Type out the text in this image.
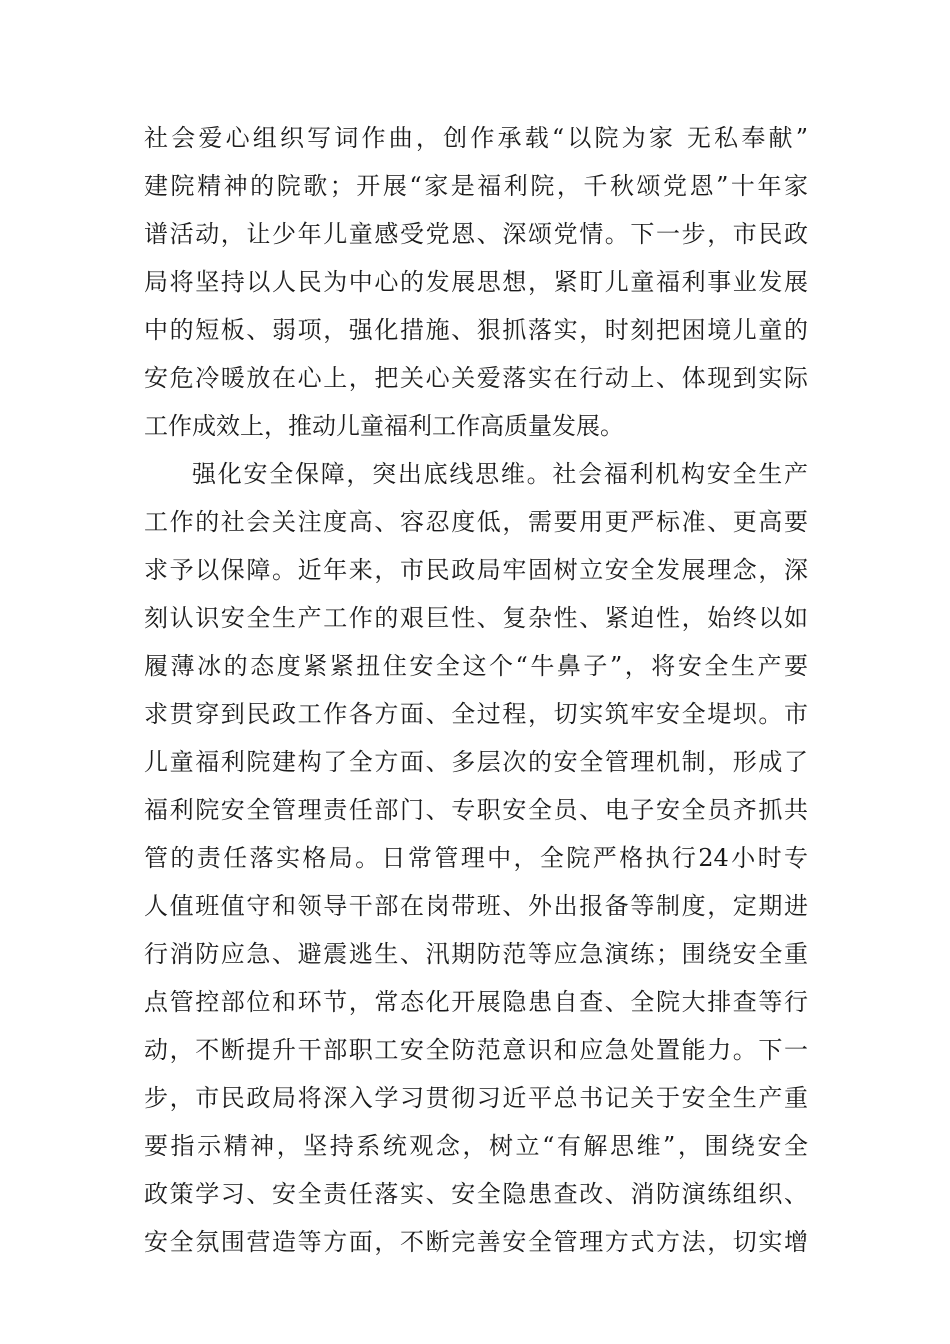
社会爱心组织写词作曲，创作承载“以院为家 无私奉献”
建院精神的院歌；开展“家是福利院，千秋颂党恩”十年家
谱活动，让少年儿童感受党恩、深颂党情。下一步，市民政
局将坚持以人民为中心的发展思想，紧盯儿童福利事业发展
中的短板、弱项，强化措施、狠抓落实，时刻把困境儿童的
安危冷暖放在心上，把关心关爱落实在行动上、体现到实际
工作成效上，推动儿童福利工作高质量发展。
强化安全保障，突出底线思维。社会福利机构安全生产
工作的社会关注度高、容忍度低，需要用更严标准、更高要
求予以保障。近年来，市民政局牢固树立安全发展理念，深
刻认识安全生产工作的艰巨性、复杂性、紧迫性，始终以如
履薄冰的态度紧紧扭住安全这个“牛鼻子”，将安全生产要
求贯穿到民政工作各方面、全过程，切实筑牢安全堤坝。市
儿童福利院建构了全方面、多层次的安全管理机制，形成了
福利院安全管理责任部门、专职安全员、电子安全员齐抓共
管的责任落实格局。日常管理中，全院严格执行24小时专
人值班值守和领导干部在岗带班、外出报备等制度，定期进
行消防应急、避震逃生、汛期防范等应急演练；围绕安全重
点管控部位和环节，常态化开展隐患自查、全院大排查等行
动，不断提升干部职工安全防范意识和应急处置能力。下一
步，市民政局将深入学习贯彻习近平总书记关于安全生产重
要指示精神，坚持系统观念，树立“有解思维”，围绕安全
政策学习、安全责任落实、安全隐患查改、消防演练组织、
安全氛围营造等方面，不断完善安全管理方式方法，切实增
